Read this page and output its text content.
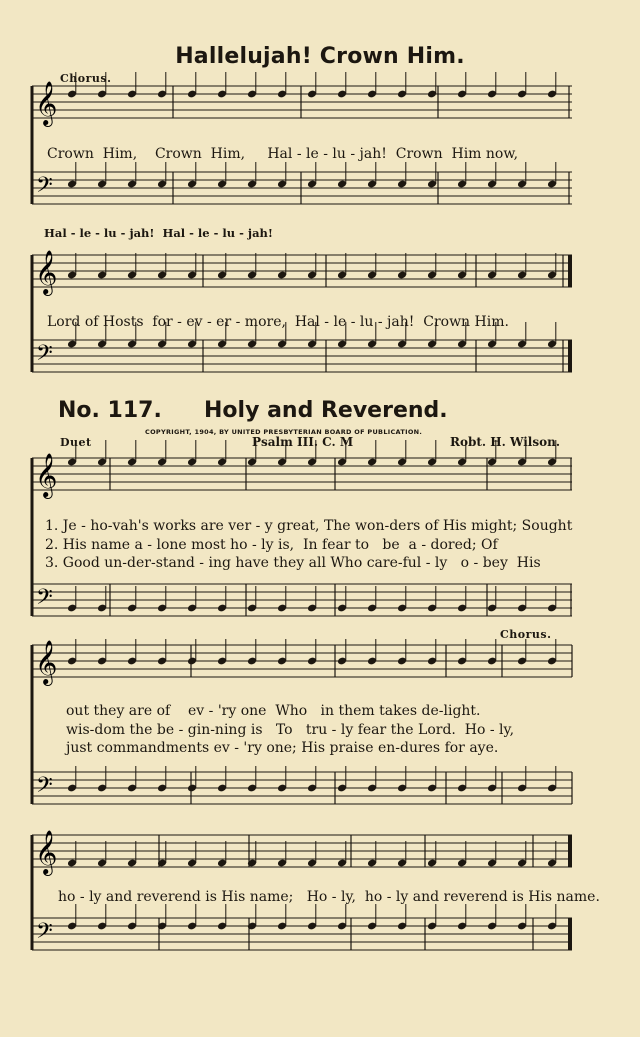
𝄞
𝄢
𝄞
𝄢
𝄞
𝄢
𝄞
𝄢
𝄞
𝄢
Hallelujah! Crown Him.
Chorus.
Crown  Him,    Crown  Him,     Hal - le - lu - jah!  Crown  Him now,
Hal - le - lu - jah!  Hal - le - lu - jah!
Lord of Hosts  for - ev - er - more,  Hal - le - lu - jah!  Crown Him.
No. 117. Holy and Reverend.
COPYRIGHT, 1904, BY UNITED PRESBYTERIAN BOARD OF PUBLICATION.
Duet	Psalm III. C. M	Robt. H. Wilson.
1. Je - ho-vah's works are ver - y great, The won-ders of His might; Sought
2. His name a - lone most ho - ly is,  In fear to   be  a - dored; Of
3. Good un-der-stand - ing have they all Who care-ful - ly   o - bey  His
Chorus.
out they are of    ev - 'ry one  Who   in them takes de-light.
wis-dom the be - gin-ning is   To   tru - ly fear the Lord.  Ho - ly,
just commandments ev - 'ry one; His praise en-dures for aye.
ho - ly and reverend is His name;   Ho - ly,  ho - ly and reverend is His name.
